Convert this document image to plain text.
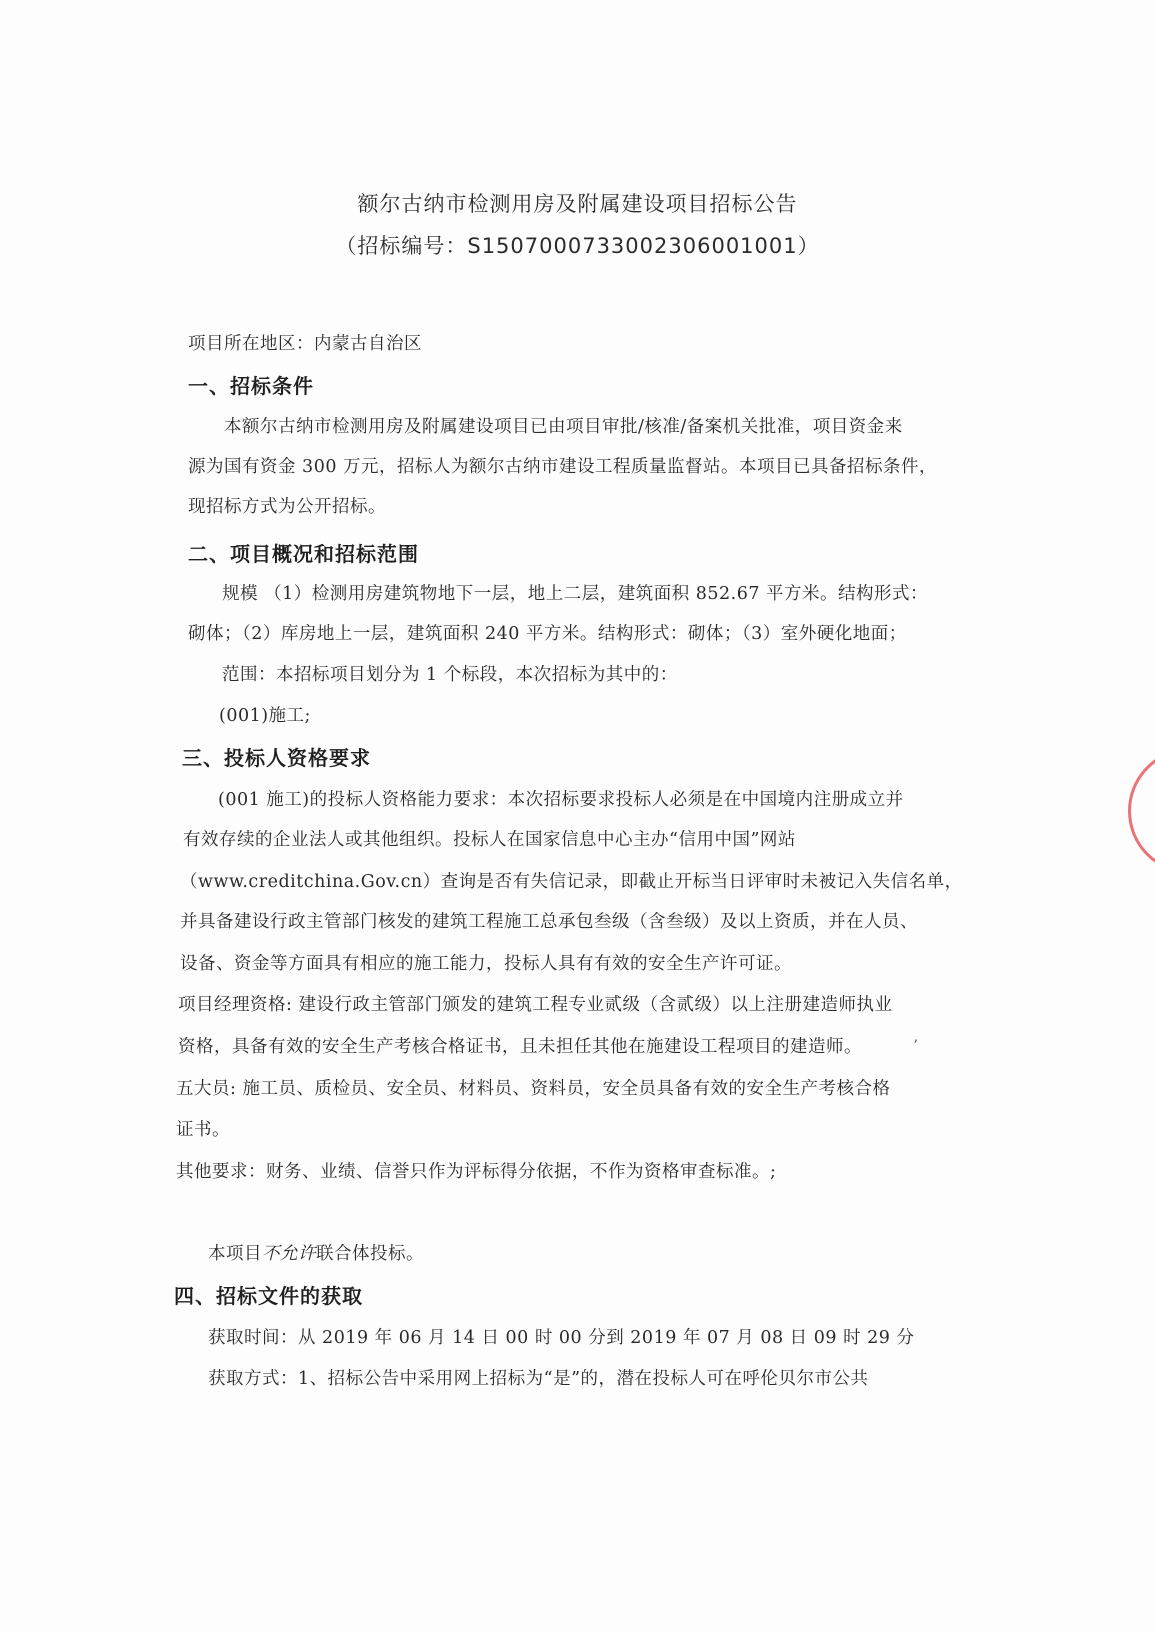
额尔古纳市检测用房及附属建设项目招标公告
（招标编号：S1507000733002306001001）
项目所在地区：内蒙古自治区
一、招标条件
本额尔古纳市检测用房及附属建设项目已由项目审批/核准/备案机关批准，项目资金来
源为国有资金 300 万元，招标人为额尔古纳市建设工程质量监督站。本项目已具备招标条件，
现招标方式为公开招标。
二、项目概况和招标范围
规模 （1）检测用房建筑物地下一层，地上二层，建筑面积 852.67 平方米。结构形式：
砌体；（2）库房地上一层，建筑面积 240 平方米。结构形式：砌体；（3）室外硬化地面；
范围：本招标项目划分为 1 个标段，本次招标为其中的：
(001)施工;
三、投标人资格要求
(001 施工)的投标人资格能力要求：本次招标要求投标人必须是在中国境内注册成立并
有效存续的企业法人或其他组织。投标人在国家信息中心主办“信用中国”网站
（www.creditchina.Gov.cn）查询是否有失信记录，即截止开标当日评审时未被记入失信名单，
并具备建设行政主管部门核发的建筑工程施工总承包叁级（含叁级）及以上资质，并在人员、
设备、资金等方面具有相应的施工能力，投标人具有有效的安全生产许可证。
项目经理资格: 建设行政主管部门颁发的建筑工程专业贰级（含贰级）以上注册建造师执业
资格，具备有效的安全生产考核合格证书，且未担任其他在施建设工程项目的建造师。	ʼ
五大员: 施工员、质检员、安全员、材料员、资料员，安全员具备有效的安全生产考核合格
证书。
其他要求：财务、业绩、信誉只作为评标得分依据，不作为资格审查标准。;
本项目不允许联合体投标。
四、招标文件的获取
获取时间：从 2019 年 06 月 14 日 00 时 00 分到 2019 年 07 月 08 日 09 时 29 分
获取方式：1、招标公告中采用网上招标为“是”的，潜在投标人可在呼伦贝尔市公共
